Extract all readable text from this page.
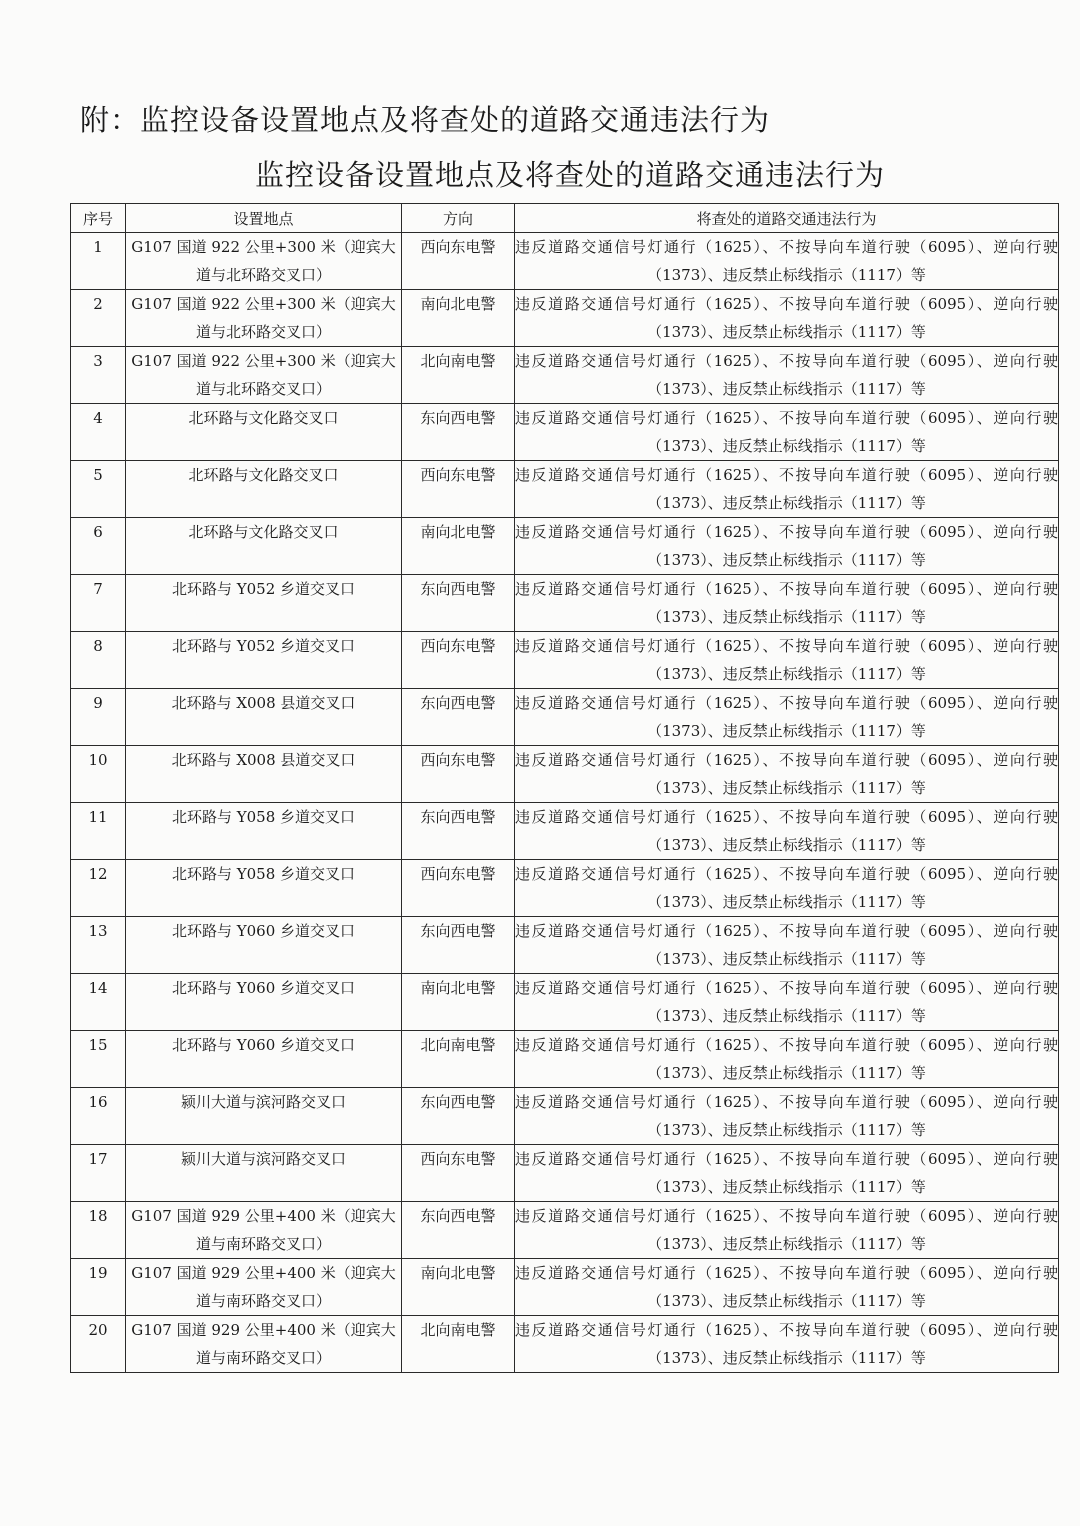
附：监控设备设置地点及将查处的道路交通违法行为
监控设备设置地点及将查处的道路交通违法行为
序号	设置地点	方向	将查处的道路交通违法行为
1	G107 国道 922 公里+300 米（迎宾大道与北环路交叉口）	西向东电警	违反道路交通信号灯通行（1625）、不按导向车道行驶（6095）、逆向行驶
（1373）、违反禁止标线指示（1117）等

2	G107 国道 922 公里+300 米（迎宾大道与北环路交叉口）	南向北电警	违反道路交通信号灯通行（1625）、不按导向车道行驶（6095）、逆向行驶
（1373）、违反禁止标线指示（1117）等

3	G107 国道 922 公里+300 米（迎宾大道与北环路交叉口）	北向南电警	违反道路交通信号灯通行（1625）、不按导向车道行驶（6095）、逆向行驶
（1373）、违反禁止标线指示（1117）等

4	北环路与文化路交叉口	东向西电警	违反道路交通信号灯通行（1625）、不按导向车道行驶（6095）、逆向行驶
（1373）、违反禁止标线指示（1117）等

5	北环路与文化路交叉口	西向东电警	违反道路交通信号灯通行（1625）、不按导向车道行驶（6095）、逆向行驶
（1373）、违反禁止标线指示（1117）等

6	北环路与文化路交叉口	南向北电警	违反道路交通信号灯通行（1625）、不按导向车道行驶（6095）、逆向行驶
（1373）、违反禁止标线指示（1117）等

7	北环路与 Y052 乡道交叉口	东向西电警	违反道路交通信号灯通行（1625）、不按导向车道行驶（6095）、逆向行驶
（1373）、违反禁止标线指示（1117）等

8	北环路与 Y052 乡道交叉口	西向东电警	违反道路交通信号灯通行（1625）、不按导向车道行驶（6095）、逆向行驶
（1373）、违反禁止标线指示（1117）等

9	北环路与 X008 县道交叉口	东向西电警	违反道路交通信号灯通行（1625）、不按导向车道行驶（6095）、逆向行驶
（1373）、违反禁止标线指示（1117）等

10	北环路与 X008 县道交叉口	西向东电警	违反道路交通信号灯通行（1625）、不按导向车道行驶（6095）、逆向行驶
（1373）、违反禁止标线指示（1117）等

11	北环路与 Y058 乡道交叉口	东向西电警	违反道路交通信号灯通行（1625）、不按导向车道行驶（6095）、逆向行驶
（1373）、违反禁止标线指示（1117）等

12	北环路与 Y058 乡道交叉口	西向东电警	违反道路交通信号灯通行（1625）、不按导向车道行驶（6095）、逆向行驶
（1373）、违反禁止标线指示（1117）等

13	北环路与 Y060 乡道交叉口	东向西电警	违反道路交通信号灯通行（1625）、不按导向车道行驶（6095）、逆向行驶
（1373）、违反禁止标线指示（1117）等

14	北环路与 Y060 乡道交叉口	南向北电警	违反道路交通信号灯通行（1625）、不按导向车道行驶（6095）、逆向行驶
（1373）、违反禁止标线指示（1117）等

15	北环路与 Y060 乡道交叉口	北向南电警	违反道路交通信号灯通行（1625）、不按导向车道行驶（6095）、逆向行驶
（1373）、违反禁止标线指示（1117）等

16	颍川大道与滨河路交叉口	东向西电警	违反道路交通信号灯通行（1625）、不按导向车道行驶（6095）、逆向行驶
（1373）、违反禁止标线指示（1117）等

17	颍川大道与滨河路交叉口	西向东电警	违反道路交通信号灯通行（1625）、不按导向车道行驶（6095）、逆向行驶
（1373）、违反禁止标线指示（1117）等

18	G107 国道 929 公里+400 米（迎宾大道与南环路交叉口）	东向西电警	违反道路交通信号灯通行（1625）、不按导向车道行驶（6095）、逆向行驶
（1373）、违反禁止标线指示（1117）等

19	G107 国道 929 公里+400 米（迎宾大道与南环路交叉口）	南向北电警	违反道路交通信号灯通行（1625）、不按导向车道行驶（6095）、逆向行驶
（1373）、违反禁止标线指示（1117）等

20	G107 国道 929 公里+400 米（迎宾大道与南环路交叉口）	北向南电警	违反道路交通信号灯通行（1625）、不按导向车道行驶（6095）、逆向行驶
（1373）、违反禁止标线指示（1117）等
